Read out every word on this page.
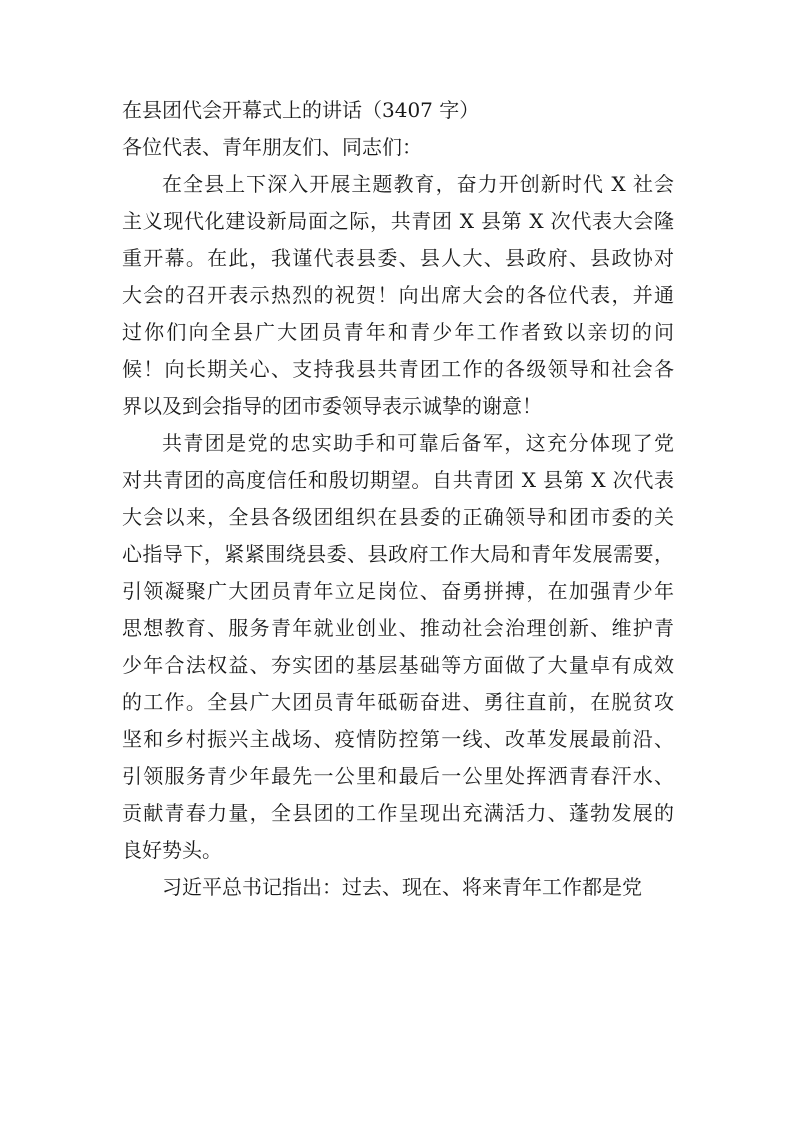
在县团代会开幕式上的讲话（3407 字）

各位代表、青年朋友们、同志们：

在全县上下深入开展主题教育，奋力开创新时代 X 社会
主义现代化建设新局面之际，共青团 X 县第 X 次代表大会隆
重开幕。在此，我谨代表县委、县人大、县政府、县政协对
大会的召开表示热烈的祝贺！向出席大会的各位代表，并通
过你们向全县广大团员青年和青少年工作者致以亲切的问
候！向长期关心、支持我县共青团工作的各级领导和社会各
界以及到会指导的团市委领导表示诚挚的谢意！
共青团是党的忠实助手和可靠后备军，这充分体现了党
对共青团的高度信任和殷切期望。自共青团 X 县第 X 次代表
大会以来，全县各级团组织在县委的正确领导和团市委的关
心指导下，紧紧围绕县委、县政府工作大局和青年发展需要，
引领凝聚广大团员青年立足岗位、奋勇拼搏，在加强青少年
思想教育、服务青年就业创业、推动社会治理创新、维护青
少年合法权益、夯实团的基层基础等方面做了大量卓有成效
的工作。全县广大团员青年砥砺奋进、勇往直前，在脱贫攻
坚和乡村振兴主战场、疫情防控第一线、改革发展最前沿、
引领服务青少年最先一公里和最后一公里处挥洒青春汗水、
贡献青春力量，全县团的工作呈现出充满活力、蓬勃发展的
良好势头。
习近平总书记指出：过去、现在、将来青年工作都是党
